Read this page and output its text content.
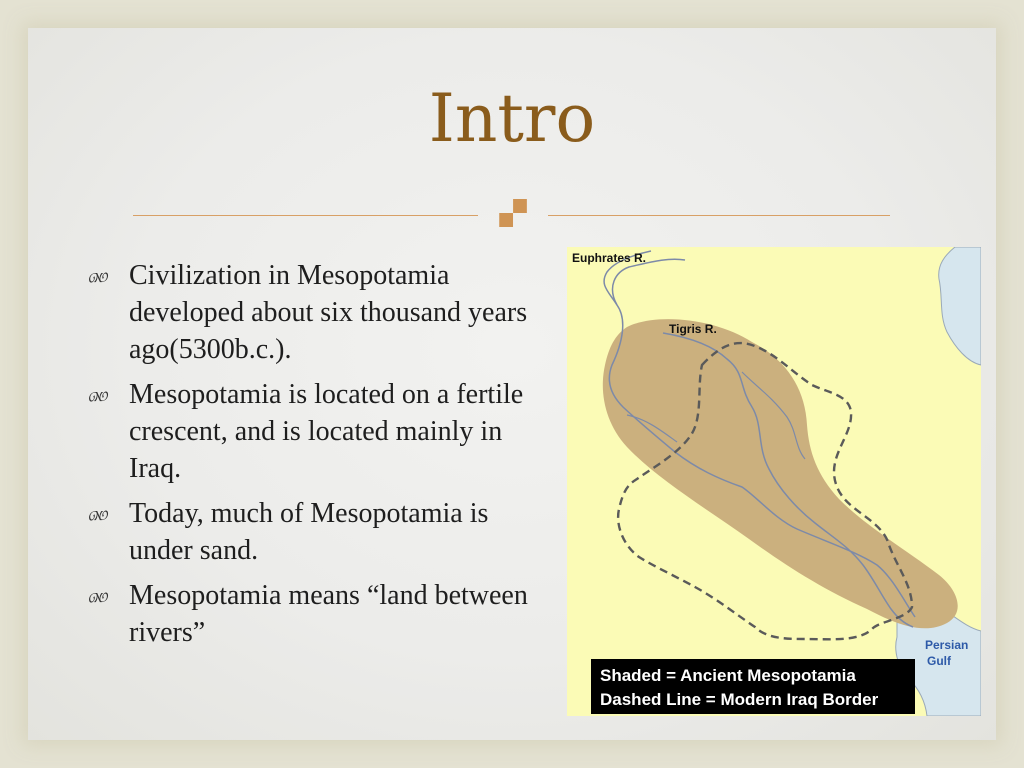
Intro
🙾
🙐 Civilization in Mesopotamia developed about six thousand years ago(5300b.c.).
🙐 Mesopotamia is located on a fertile crescent, and is located mainly in Iraq.
🙐 Today, much of Mesopotamia is under sand.
🙐 Mesopotamia means “land between rivers”
Euphrates R.
Tigris R.
Persian
Gulf
Shaded = Ancient Mesopotamia
Dashed Line = Modern Iraq Border
